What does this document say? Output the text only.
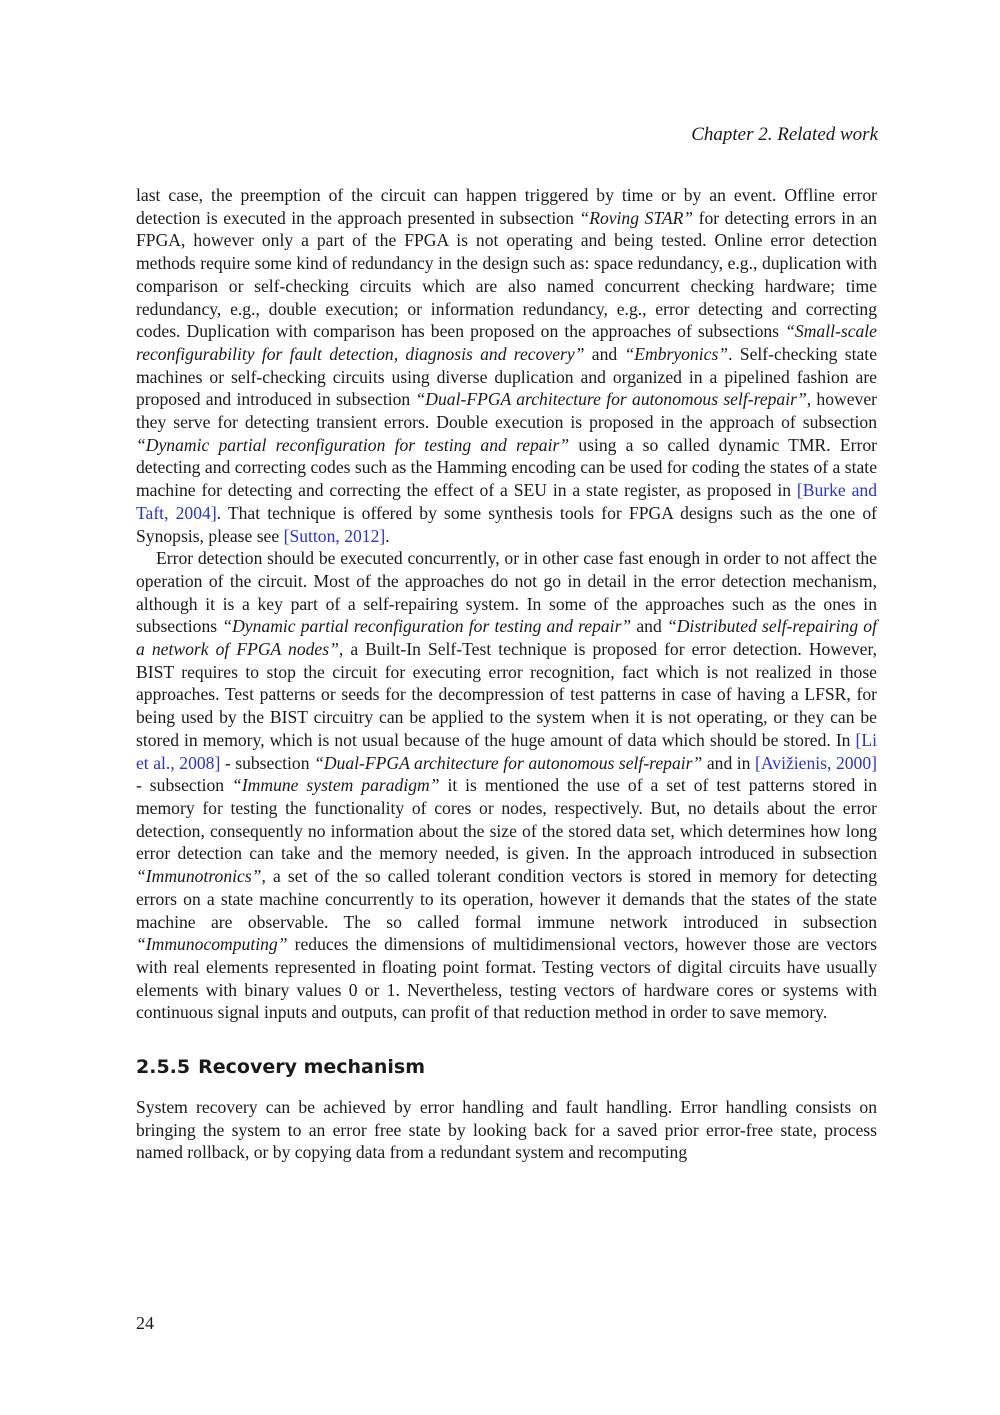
Chapter 2. Related work

last case, the preemption of the circuit can happen triggered by time or by an event. Offline error detection is executed in the approach presented in subsection “Roving STAR” for detecting errors in an FPGA, however only a part of the FPGA is not operating and being tested. Online error detection methods require some kind of redundancy in the design such as: space redundancy, e.g., duplication with comparison or self-checking circuits which are also named concurrent checking hardware; time redundancy, e.g., double execution; or information redundancy, e.g., error detecting and correcting codes. Duplication with comparison has been proposed on the approaches of subsections “Small-scale reconfigurability for fault detection, diagnosis and recovery” and “Embryonics”. Self-checking state machines or self-checking circuits using diverse duplication and organized in a pipelined fashion are proposed and introduced in subsection “Dual-FPGA architecture for autonomous self-repair”, however they serve for detecting transient errors. Double execution is proposed in the approach of subsection “Dynamic partial reconfiguration for testing and repair” using a so called dynamic TMR. Error detecting and correcting codes such as the Hamming encoding can be used for coding the states of a state machine for detecting and correcting the effect of a SEU in a state register, as proposed in [Burke and Taft, 2004]. That technique is offered by some synthesis tools for FPGA designs such as the one of Synopsis, please see [Sutton, 2012].

Error detection should be executed concurrently, or in other case fast enough in order to not affect the operation of the circuit. Most of the approaches do not go in detail in the error detection mechanism, although it is a key part of a self-repairing system. In some of the approaches such as the ones in subsections “Dynamic partial reconfiguration for testing and repair” and “Distributed self-repairing of a network of FPGA nodes”, a Built-In Self-Test technique is proposed for error detection. However, BIST requires to stop the circuit for executing error recognition, fact which is not realized in those approaches. Test patterns or seeds for the decompression of test patterns in case of having a LFSR, for being used by the BIST circuitry can be applied to the system when it is not operating, or they can be stored in memory, which is not usual because of the huge amount of data which should be stored. In [Li et al., 2008] - subsection “Dual-FPGA architecture for autonomous self-repair” and in [Avižienis, 2000] - subsection “Immune system paradigm” it is mentioned the use of a set of test patterns stored in memory for testing the functionality of cores or nodes, respectively. But, no details about the error detection, consequently no information about the size of the stored data set, which determines how long error detection can take and the memory needed, is given. In the approach introduced in subsection “Immunotronics”, a set of the so called tolerant condition vectors is stored in memory for detecting errors on a state machine concurrently to its operation, however it demands that the states of the state machine are observable. The so called formal immune network introduced in subsection “Immunocomputing” reduces the dimensions of multidimensional vectors, however those are vectors with real elements represented in floating point format. Testing vectors of digital circuits have usually elements with binary values 0 or 1. Nevertheless, testing vectors of hardware cores or systems with continuous signal inputs and outputs, can profit of that reduction method in order to save memory.

2.5.5 Recovery mechanism

System recovery can be achieved by error handling and fault handling. Error handling consists on bringing the system to an error free state by looking back for a saved prior error-free state, process named rollback, or by copying data from a redundant system and recomputing

24
